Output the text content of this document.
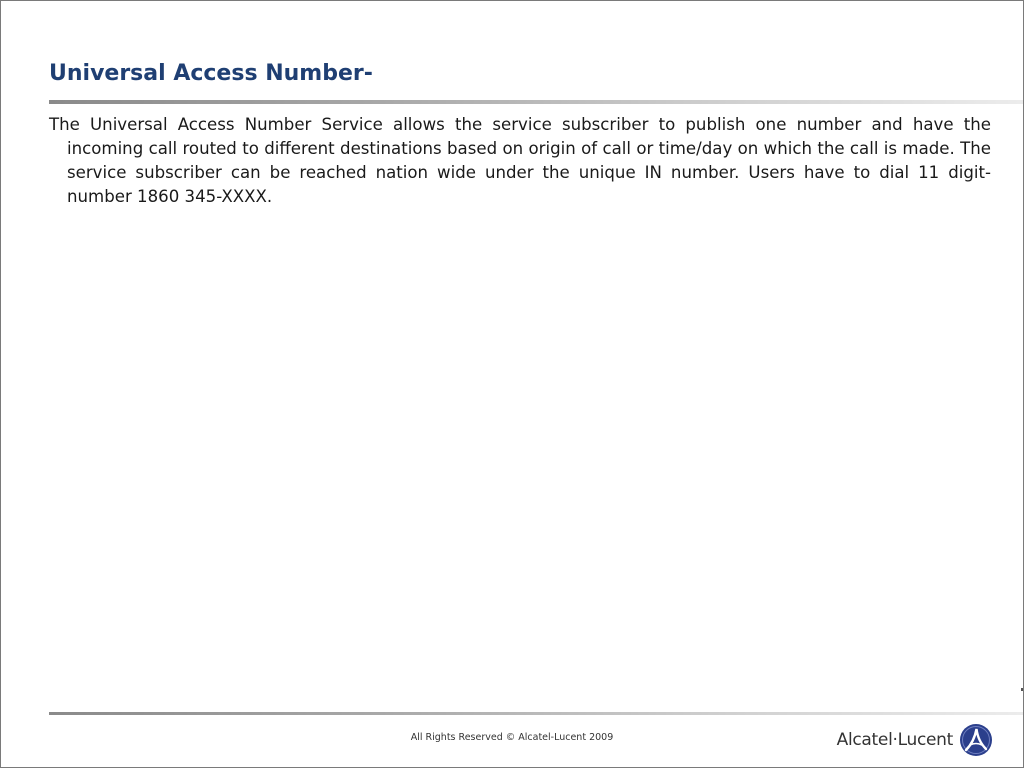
Universal Access Number-

The Universal Access Number Service allows the service subscriber to publish one number and have the incoming call routed to different destinations based on origin of call or time/day on which the call is made. The service subscriber can be reached nation wide under the unique IN number. Users have to dial 11 digit-number 1860 345-XXXX.

All Rights Reserved © Alcatel-Lucent 2009	Alcatel·Lucent
